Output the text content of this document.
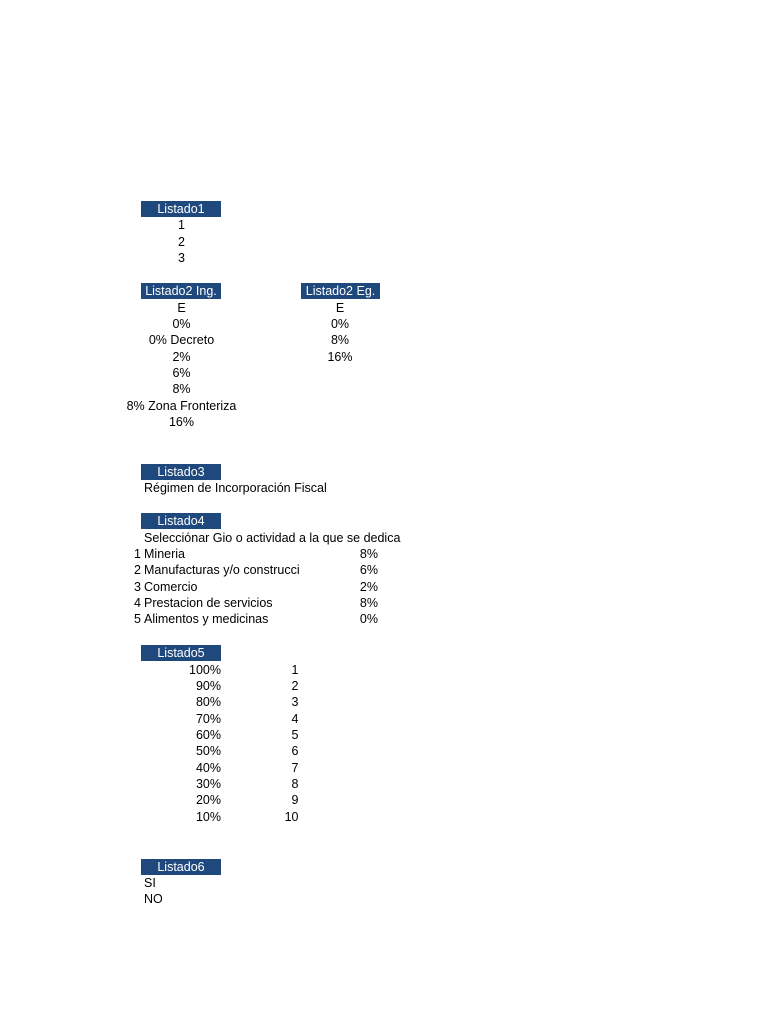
Listado1
1
2
3
Listado2 Ing.	Listado2 Eg.
E	E
0%	0%
0% Decreto	8%
2%	16%
6%
8%
8% Zona Fronteriza
16%
Listado3
Régimen de Incorporación Fiscal
Listado4
Selecciónar Gio o actividad a la que se dedica
1 Mineria	8%
2 Manufacturas y/o construcci	6%
3 Comercio	2%
4 Prestacion de servicios	8%
5 Alimentos y medicinas	0%
Listado5
100%	1
90%	2
80%	3
70%	4
60%	5
50%	6
40%	7
30%	8
20%	9
10%	10
Listado6
SI
NO
